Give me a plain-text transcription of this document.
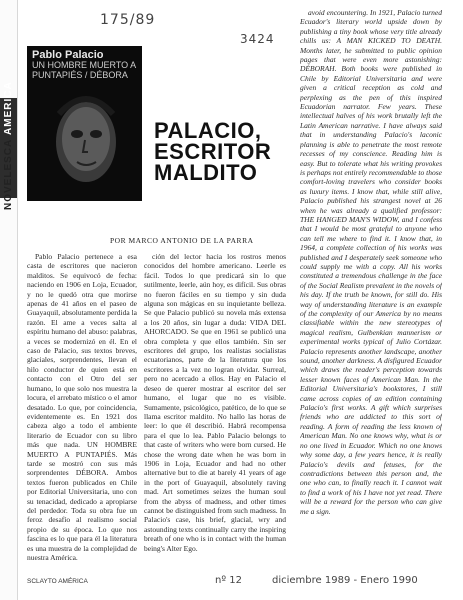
NOVELESCA AMERICA
175/89
3424
Pablo Palacio
UN HOMBRE MUERTO A PUNTAPIÉS / DÉBORA
PALACIO,
ESCRITOR
MALDITO
POR MARCO ANTONIO DE LA PARRA

Pablo Palacio pertenece a esa casta de escritores que nacieron malditos. Se equivocó de fecha: naciendo en 1906 en Loja, Ecuador, y no le quedó otra que morirse apenas de 41 años en el paseo de Guayaquil, absolutamente perdida la razón. El ame a veces salta al espíritu humano del abuso: palabras, a veces se modernizó en él. En el caso de Palacio, sus textos breves, glaciales, sorprendentes, llevan el hilo conductor de quien está en contacto con el Otro del ser humano, lo que solo nos muestra la locura, el arrebato místico o el amor desatado. Lo que, por coincidencia, evidentemente es. En 1921 dos cabeza algo a todo el ambiente literario de Ecuador con su libro más que nada. UN HOMBRE MUERTO A PUNTAPIÉS. Más tarde se mostró con sus más sorprendentes DÉBORA. Ambos textos fueron publicados en Chile por Editorial Universitaria, uno con su tenacidad, dedicado a apropiarse del perdedor. Toda su obra fue un feroz desafío al realismo social propio de su época. Lo que nos fascina es lo que para él la literatura es una muestra de la complejidad de nuestra América.

ción del lector hacia los rostros menos conocidos del hombre americano. Leerle es fácil. Todos lo que predicará sin lo que sutilmente, leerle, aún hoy, es difícil. Sus obras no fueron fáciles en su tiempo y sin duda alguna son mágicas en su inquietante belleza. Se que Palacio publicó su novela más extensa a los 20 años, sin lugar a duda: VIDA DEL AHORCADO. Se que en 1961 se publicó una obra completa y que ellos también. Sin ser escritores del grupo, los realistas socialistas ecuatorianos, parte de la literatura que los escritores a la vez no logran olvidar. Surreal, pero no acercado a ellos. Hay en Palacio el deseo de querer mostrar al escritor del ser humano, el lugar que no es visible. Sumamente, psicológico, patético, de lo que se llama escritor maldito. No hallo las horas de leer: lo que él describió. Habrá recompensa para el que lo lea. Pablo Palacio belongs to that caste of writers who were born cursed. He chose the wrong date when he was born in 1906 in Loja, Ecuador and had no other alternative but to die at barely 41 years of age in the port of Guayaquil, absolutely raving mad. Art sometimes seizes the human soul from the abyss of madness, and other times cannot be distinguished from such madness. In Palacio's case, his brief, glacial, wry and astounding texts continually carry the inspiring breath of one who is in contact with the human being's Alter Ego.

avoid encountering. In 1921, Palacio turned Ecuador's literary world upside down by publishing a tiny book whose very title already chills us: A MAN KICKED TO DEATH. Months later, he submitted to public opinion pages that were even more astonishing: DÉBORAH. Both books were published in Chile by Editorial Universitaria and were given a critical reception as cold and perplexing as the pen of this inspired Ecuadorian narrator. Few years. These intellectual halves of his work brutally left the Latin American narrative. I have always said that in understanding Palacio's laconic planning is able to penetrate the most remote recesses of my conscience. Reading him is easy. But to tolerate what his writing provokes is perhaps not entirely recommendable to those comfort-loving travelers who consider books as luxury items. I know that, while still alive, Palacio published his strangest novel at 26 when he was already a qualified professor: THE HANGED MAN'S WIDOW, and I confess that I would be most grateful to anyone who can tell me where to find it. I know that, in 1964, a complete collection of his works was published and I desperately seek someone who could supply me with a copy. All his works constituted a tremendous challenge in the face of the Social Realism prevalent in the novels of his day. If the truth be known, for still do. His way of understanding literature is an example of the complexity of our America by no means classifiable within the new stereotypes of magical realism, Gulbenkian mannerism or experimental works typical of Julio Cortázar. Palacio represents another landscape, another sound, another darkness. A disfigured Ecuador which draws the reader's perception towards lesser known faces of American Man. In the Editorial Universitaria's bookstores, I still came across copies of an edition containing Palacio's first works. A gift which surprises friends who are addicted to this sort of reading. A form of reading the less known of American Man. No one knows why, what is or no one lived in Ecuador. Which no one knows why some day, a few years hence, it is really Palacio's devils and fetuses, for the contradictions between this person and, the one who can, to finally reach it. I cannot wait to find a work of his I have not yet read. There will be a reward for the person who can give me a sign.

SCLAYTO AMÉRICA	nº 12	diciembre 1989 - Enero 1990
